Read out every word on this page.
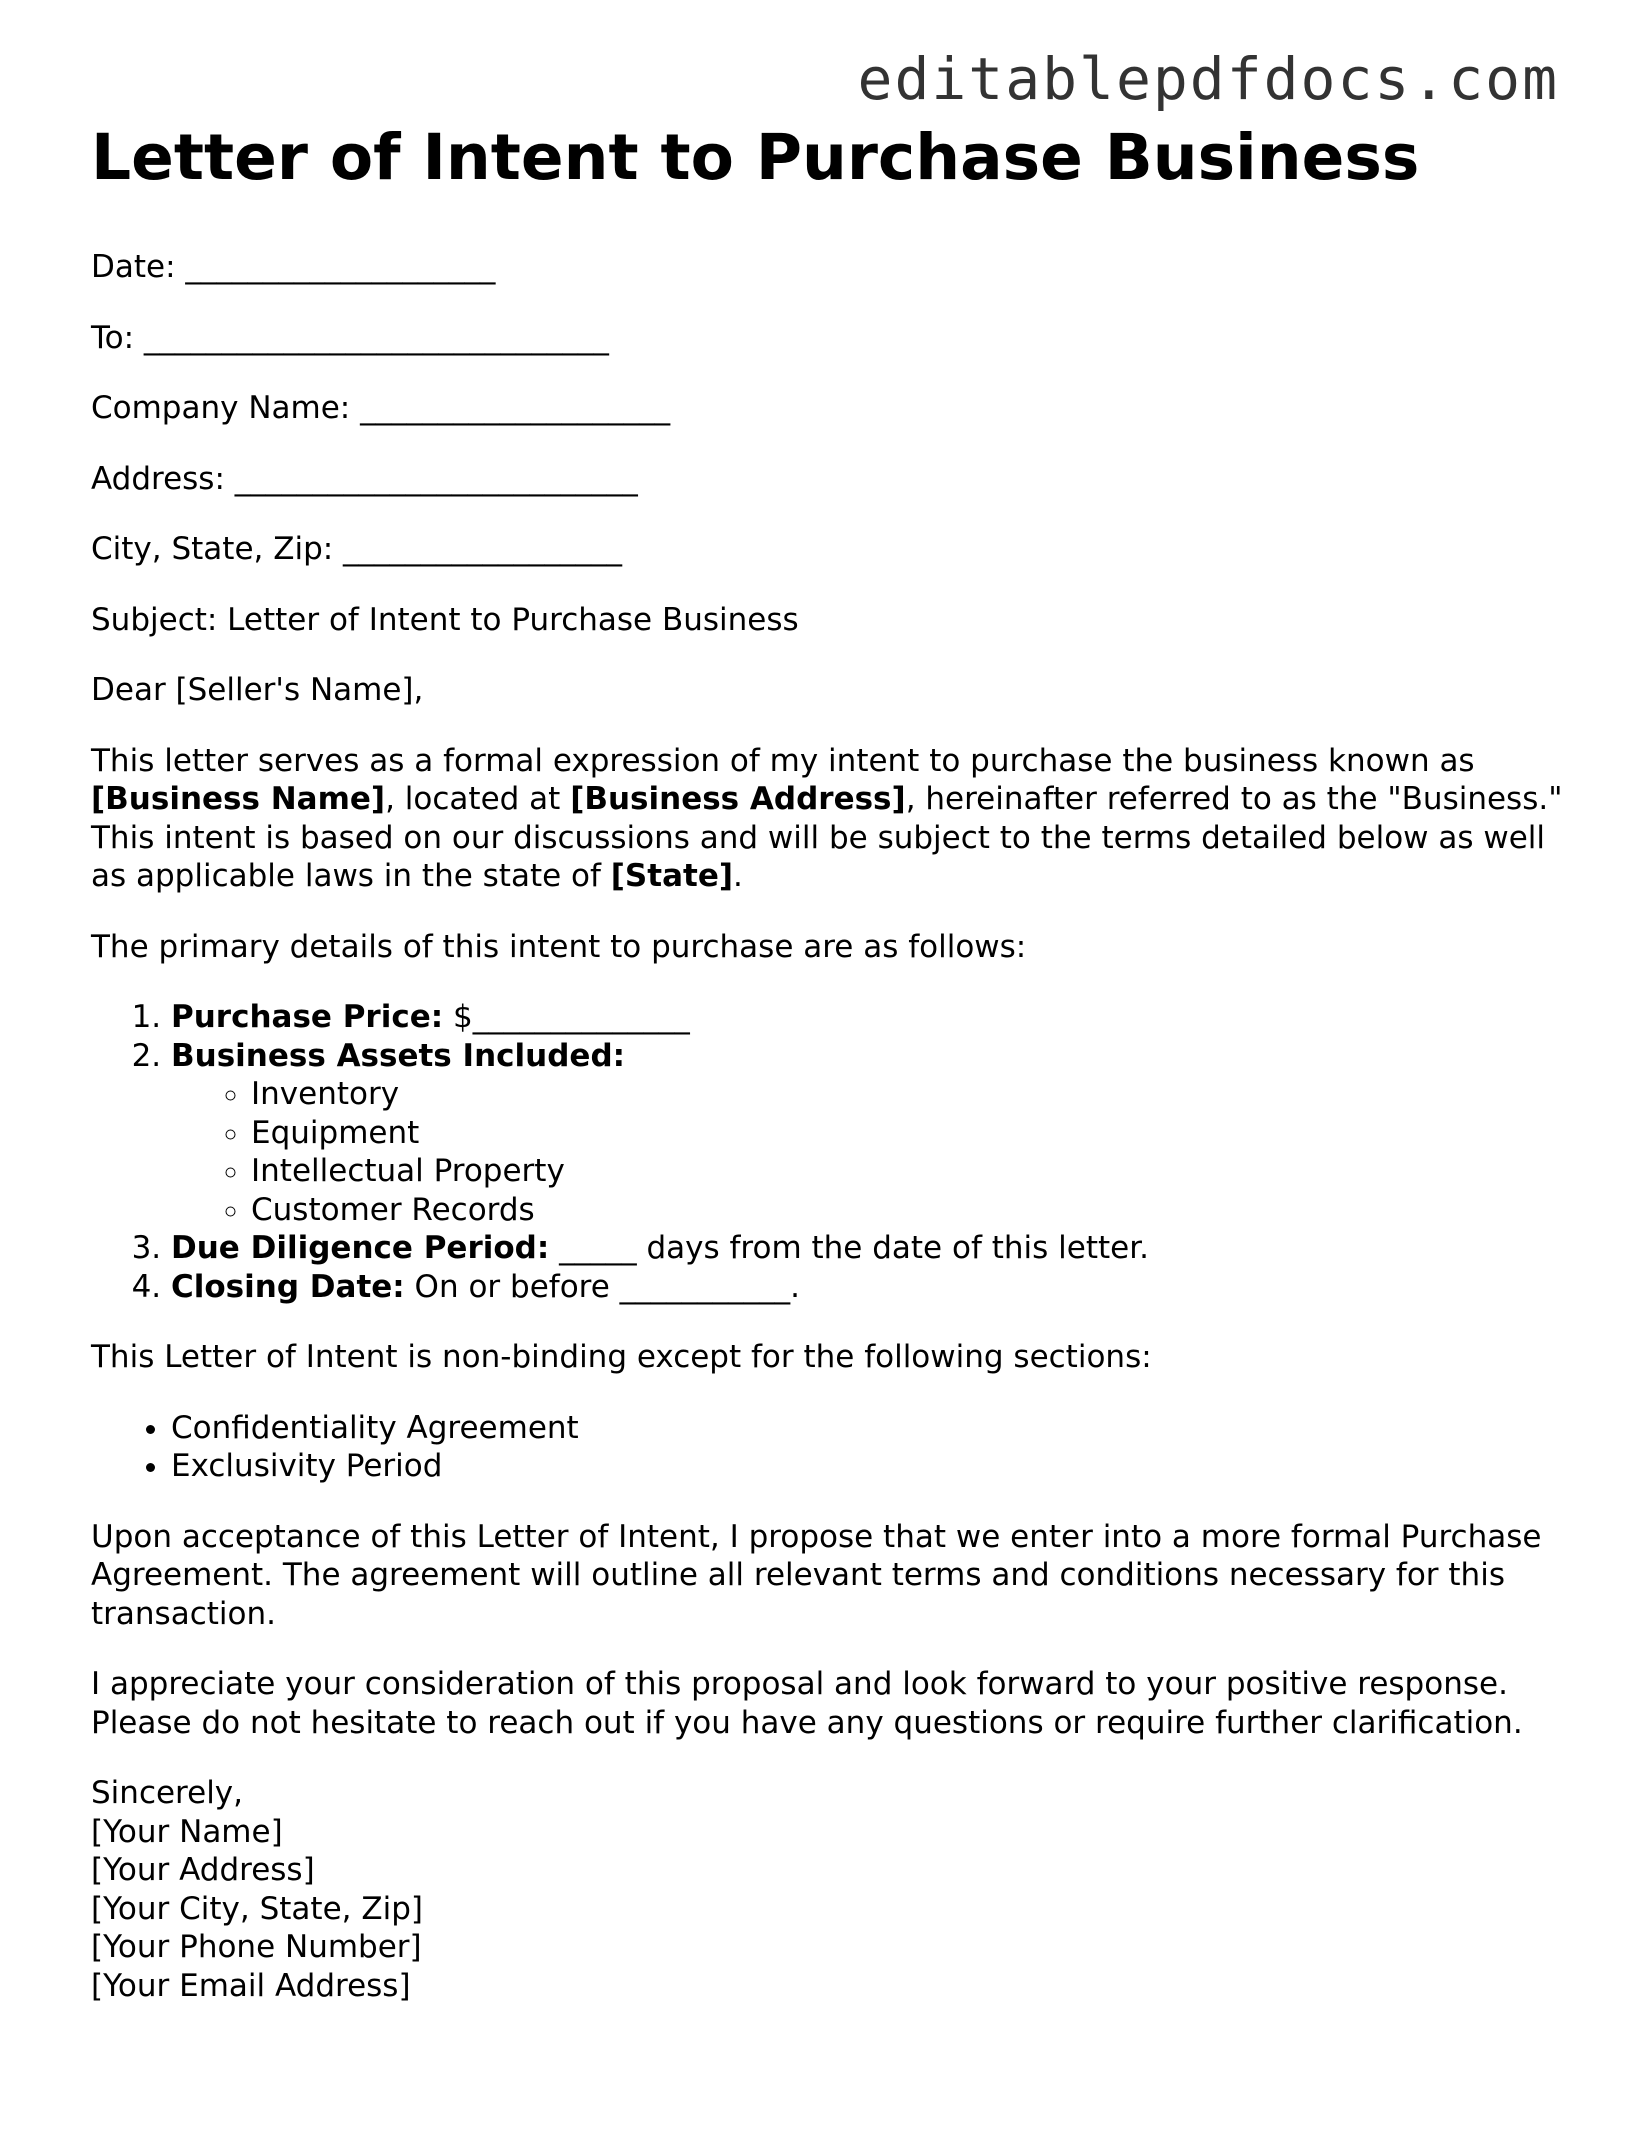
editablepdfdocs.com
Letter of Intent to Purchase Business

Date: ____________________

To: ______________________________

Company Name: ____________________

Address: __________________________

City, State, Zip: __________________

Subject: Letter of Intent to Purchase Business

Dear [Seller's Name],

This letter serves as a formal expression of my intent to purchase the business known as [Business Name], located at [Business Address], hereinafter referred to as the "Business." This intent is based on our discussions and will be subject to the terms detailed below as well as applicable laws in the state of [State].

The primary details of this intent to purchase are as follows:

1. Purchase Price: $______________
2. Business Assets Included:
◦ Inventory
◦ Equipment
◦ Intellectual Property
◦ Customer Records
3. Due Diligence Period: _____ days from the date of this letter.
4. Closing Date: On or before ___________.

This Letter of Intent is non-binding except for the following sections:

• Confidentiality Agreement
• Exclusivity Period

Upon acceptance of this Letter of Intent, I propose that we enter into a more formal Purchase Agreement. The agreement will outline all relevant terms and conditions necessary for this transaction.

I appreciate your consideration of this proposal and look forward to your positive response. Please do not hesitate to reach out if you have any questions or require further clarification.

Sincerely,
[Your Name]
[Your Address]
[Your City, State, Zip]
[Your Phone Number]
[Your Email Address]
